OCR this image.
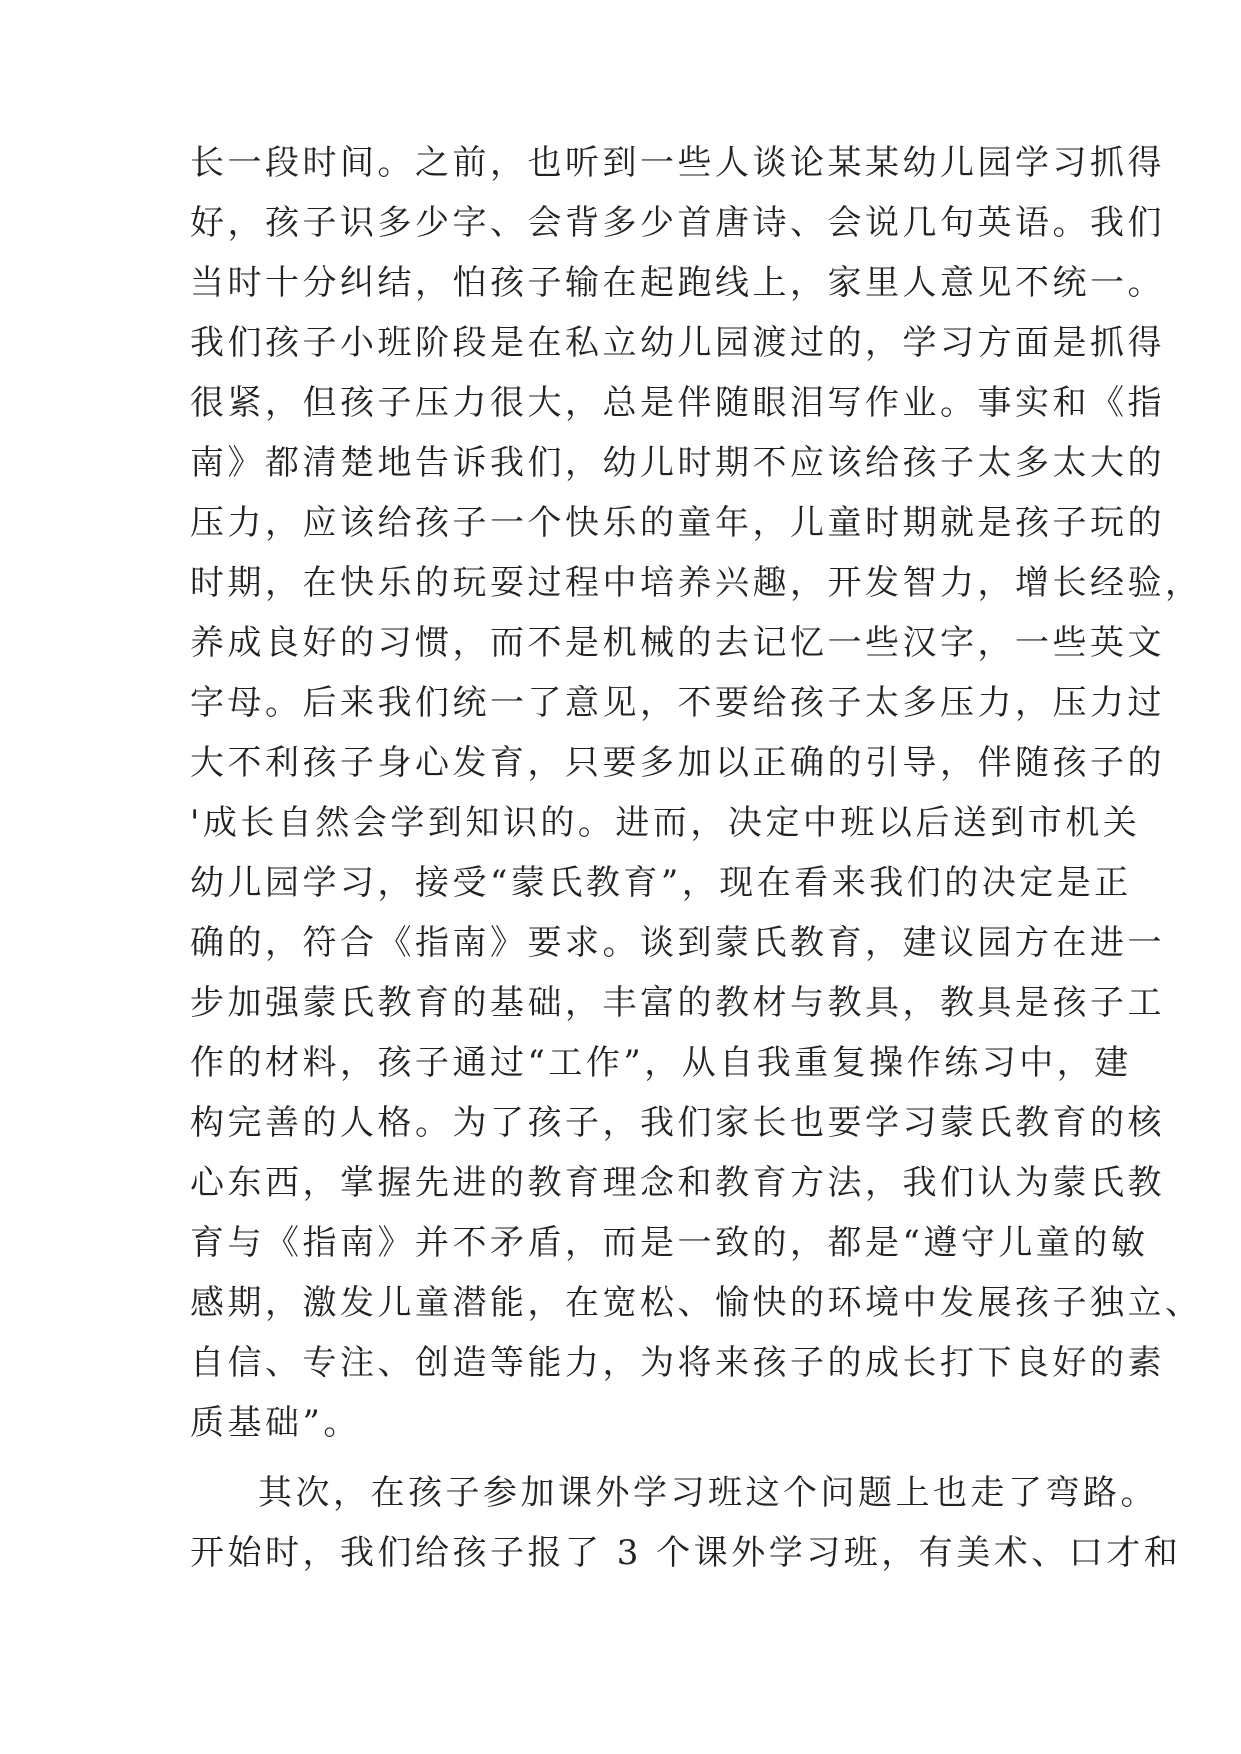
长一段时间。之前，也听到一些人谈论某某幼儿园学习抓得
好，孩子识多少字、会背多少首唐诗、会说几句英语。我们
当时十分纠结，怕孩子输在起跑线上，家里人意见不统一。
我们孩子小班阶段是在私立幼儿园渡过的，学习方面是抓得
很紧，但孩子压力很大，总是伴随眼泪写作业。事实和《指
南》都清楚地告诉我们，幼儿时期不应该给孩子太多太大的
压力，应该给孩子一个快乐的童年，儿童时期就是孩子玩的
时期，在快乐的玩耍过程中培养兴趣，开发智力，增长经验，
养成良好的习惯，而不是机械的去记忆一些汉字，一些英文
字母。后来我们统一了意见，不要给孩子太多压力，压力过
大不利孩子身心发育，只要多加以正确的引导，伴随孩子的
'成长自然会学到知识的。进而，决定中班以后送到市机关
幼儿园学习，接受“蒙氏教育”，现在看来我们的决定是正
确的，符合《指南》要求。谈到蒙氏教育，建议园方在进一
步加强蒙氏教育的基础，丰富的教材与教具，教具是孩子工
作的材料，孩子通过“工作”，从自我重复操作练习中，建
构完善的人格。为了孩子，我们家长也要学习蒙氏教育的核
心东西，掌握先进的教育理念和教育方法，我们认为蒙氏教
育与《指南》并不矛盾，而是一致的，都是“遵守儿童的敏
感期，激发儿童潜能，在宽松、愉快的环境中发展孩子独立、
自信、专注、创造等能力，为将来孩子的成长打下良好的素
质基础”。
其次，在孩子参加课外学习班这个问题上也走了弯路。
开始时，我们给孩子报了 3 个课外学习班，有美术、口才和
